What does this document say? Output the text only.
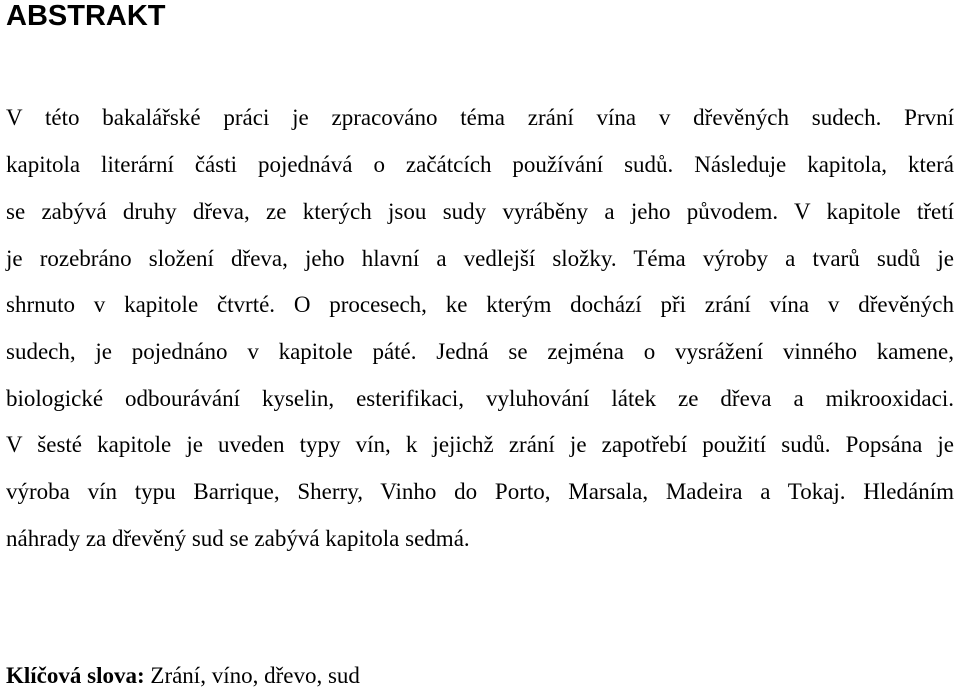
ABSTRAKT

V této bakalářské práci je zpracováno téma zrání vína v dřevěných sudech. První

kapitola literární části pojednává o začátcích používání sudů. Následuje kapitola, která

se zabývá druhy dřeva, ze kterých jsou sudy vyráběny a jeho původem. V kapitole třetí

je rozebráno složení dřeva, jeho hlavní a vedlejší složky. Téma výroby a tvarů sudů je

shrnuto v kapitole čtvrté. O procesech, ke kterým dochází při zrání vína v dřevěných

sudech, je pojednáno v kapitole páté. Jedná se zejména o vysrážení vinného kamene,

biologické odbourávání kyselin, esterifikaci, vyluhování látek ze dřeva a mikrooxidaci.

V šesté kapitole je uveden typy vín, k jejichž zrání je zapotřebí použití sudů. Popsána je

výroba vín typu Barrique, Sherry, Vinho do Porto, Marsala, Madeira a Tokaj. Hledáním

náhrady za dřevěný sud se zabývá kapitola sedmá.

Klíčová slova: Zrání, víno, dřevo, sud
